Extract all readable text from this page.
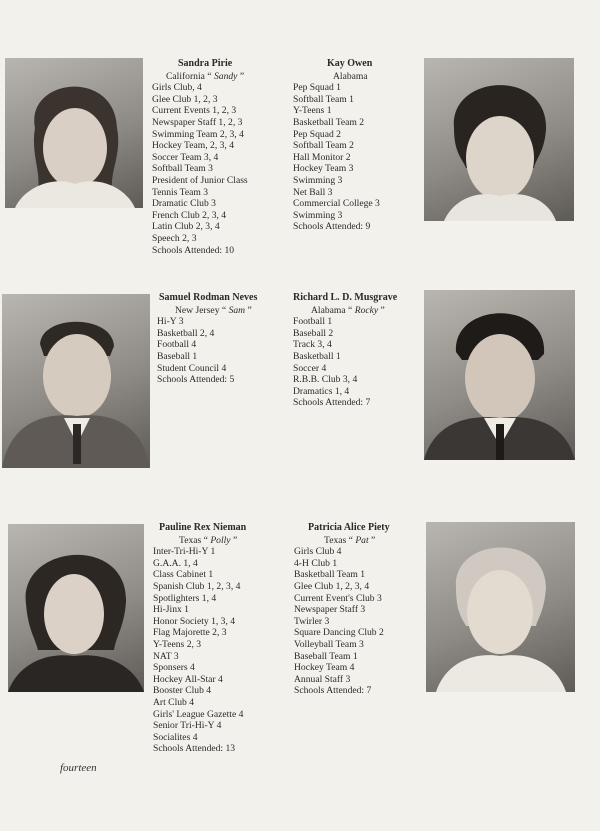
Sandra Pirie
California “ Sandy ”
Girls Club, 4
Glee Club 1, 2, 3
Current Events 1, 2, 3
Newspaper Staff 1, 2, 3
Swimming Team 2, 3, 4
Hockey Team, 2, 3, 4
Soccer Team 3, 4
Softball Team 3
President of Junior Class
Tennis Team 3
Dramatic Club 3
French Club 2, 3, 4
Latin Club 2, 3, 4
Speech 2, 3
Schools Attended: 10
Kay Owen
Alabama
Pep Squad 1
Softball Team 1
Y-Teens 1
Basketball Team 2
Pep Squad 2
Softball Team 2
Hall Monitor 2
Hockey Team 3
Swimming 3
Net Ball 3
Commercial College 3
Swimming 3
Schools Attended: 9
Samuel Rodman Neves
New Jersey “ Sam ”
Hi-Y 3
Basketball 2, 4
Football 4
Baseball 1
Student Council 4
Schools Attended: 5
Richard L. D. Musgrave
Alabama “ Rocky ”
Football 1
Baseball 2
Track 3, 4
Basketball 1
Soccer 4
R.B.B. Club 3, 4
Dramatics 1, 4
Schools Attended: 7
Pauline Rex Nieman
Texas “ Polly ”
Inter-Tri-Hi-Y 1
G.A.A. 1, 4
Class Cabinet 1
Spanish Club 1, 2, 3, 4
Spotlighters 1, 4
Hi-Jinx 1
Honor Society 1, 3, 4
Flag Majorette 2, 3
Y-Teens 2, 3
NAT 3
Sponsers 4
Hockey All-Star 4
Booster Club 4
Art Club 4
Girls' League Gazette 4
Senior Tri-Hi-Y 4
Socialites 4
Schools Attended: 13
Patricia Alice Piety
Texas “ Pat ”
Girls Club 4
4-H Club 1
Basketball Team 1
Glee Club 1, 2, 3, 4
Current Event's Club 3
Newspaper Staff 3
Twirler 3
Square Dancing Club 2
Volleyball Team 3
Baseball Team 1
Hockey Team 4
Annual Staff 3
Schools Attended: 7
fourteen
